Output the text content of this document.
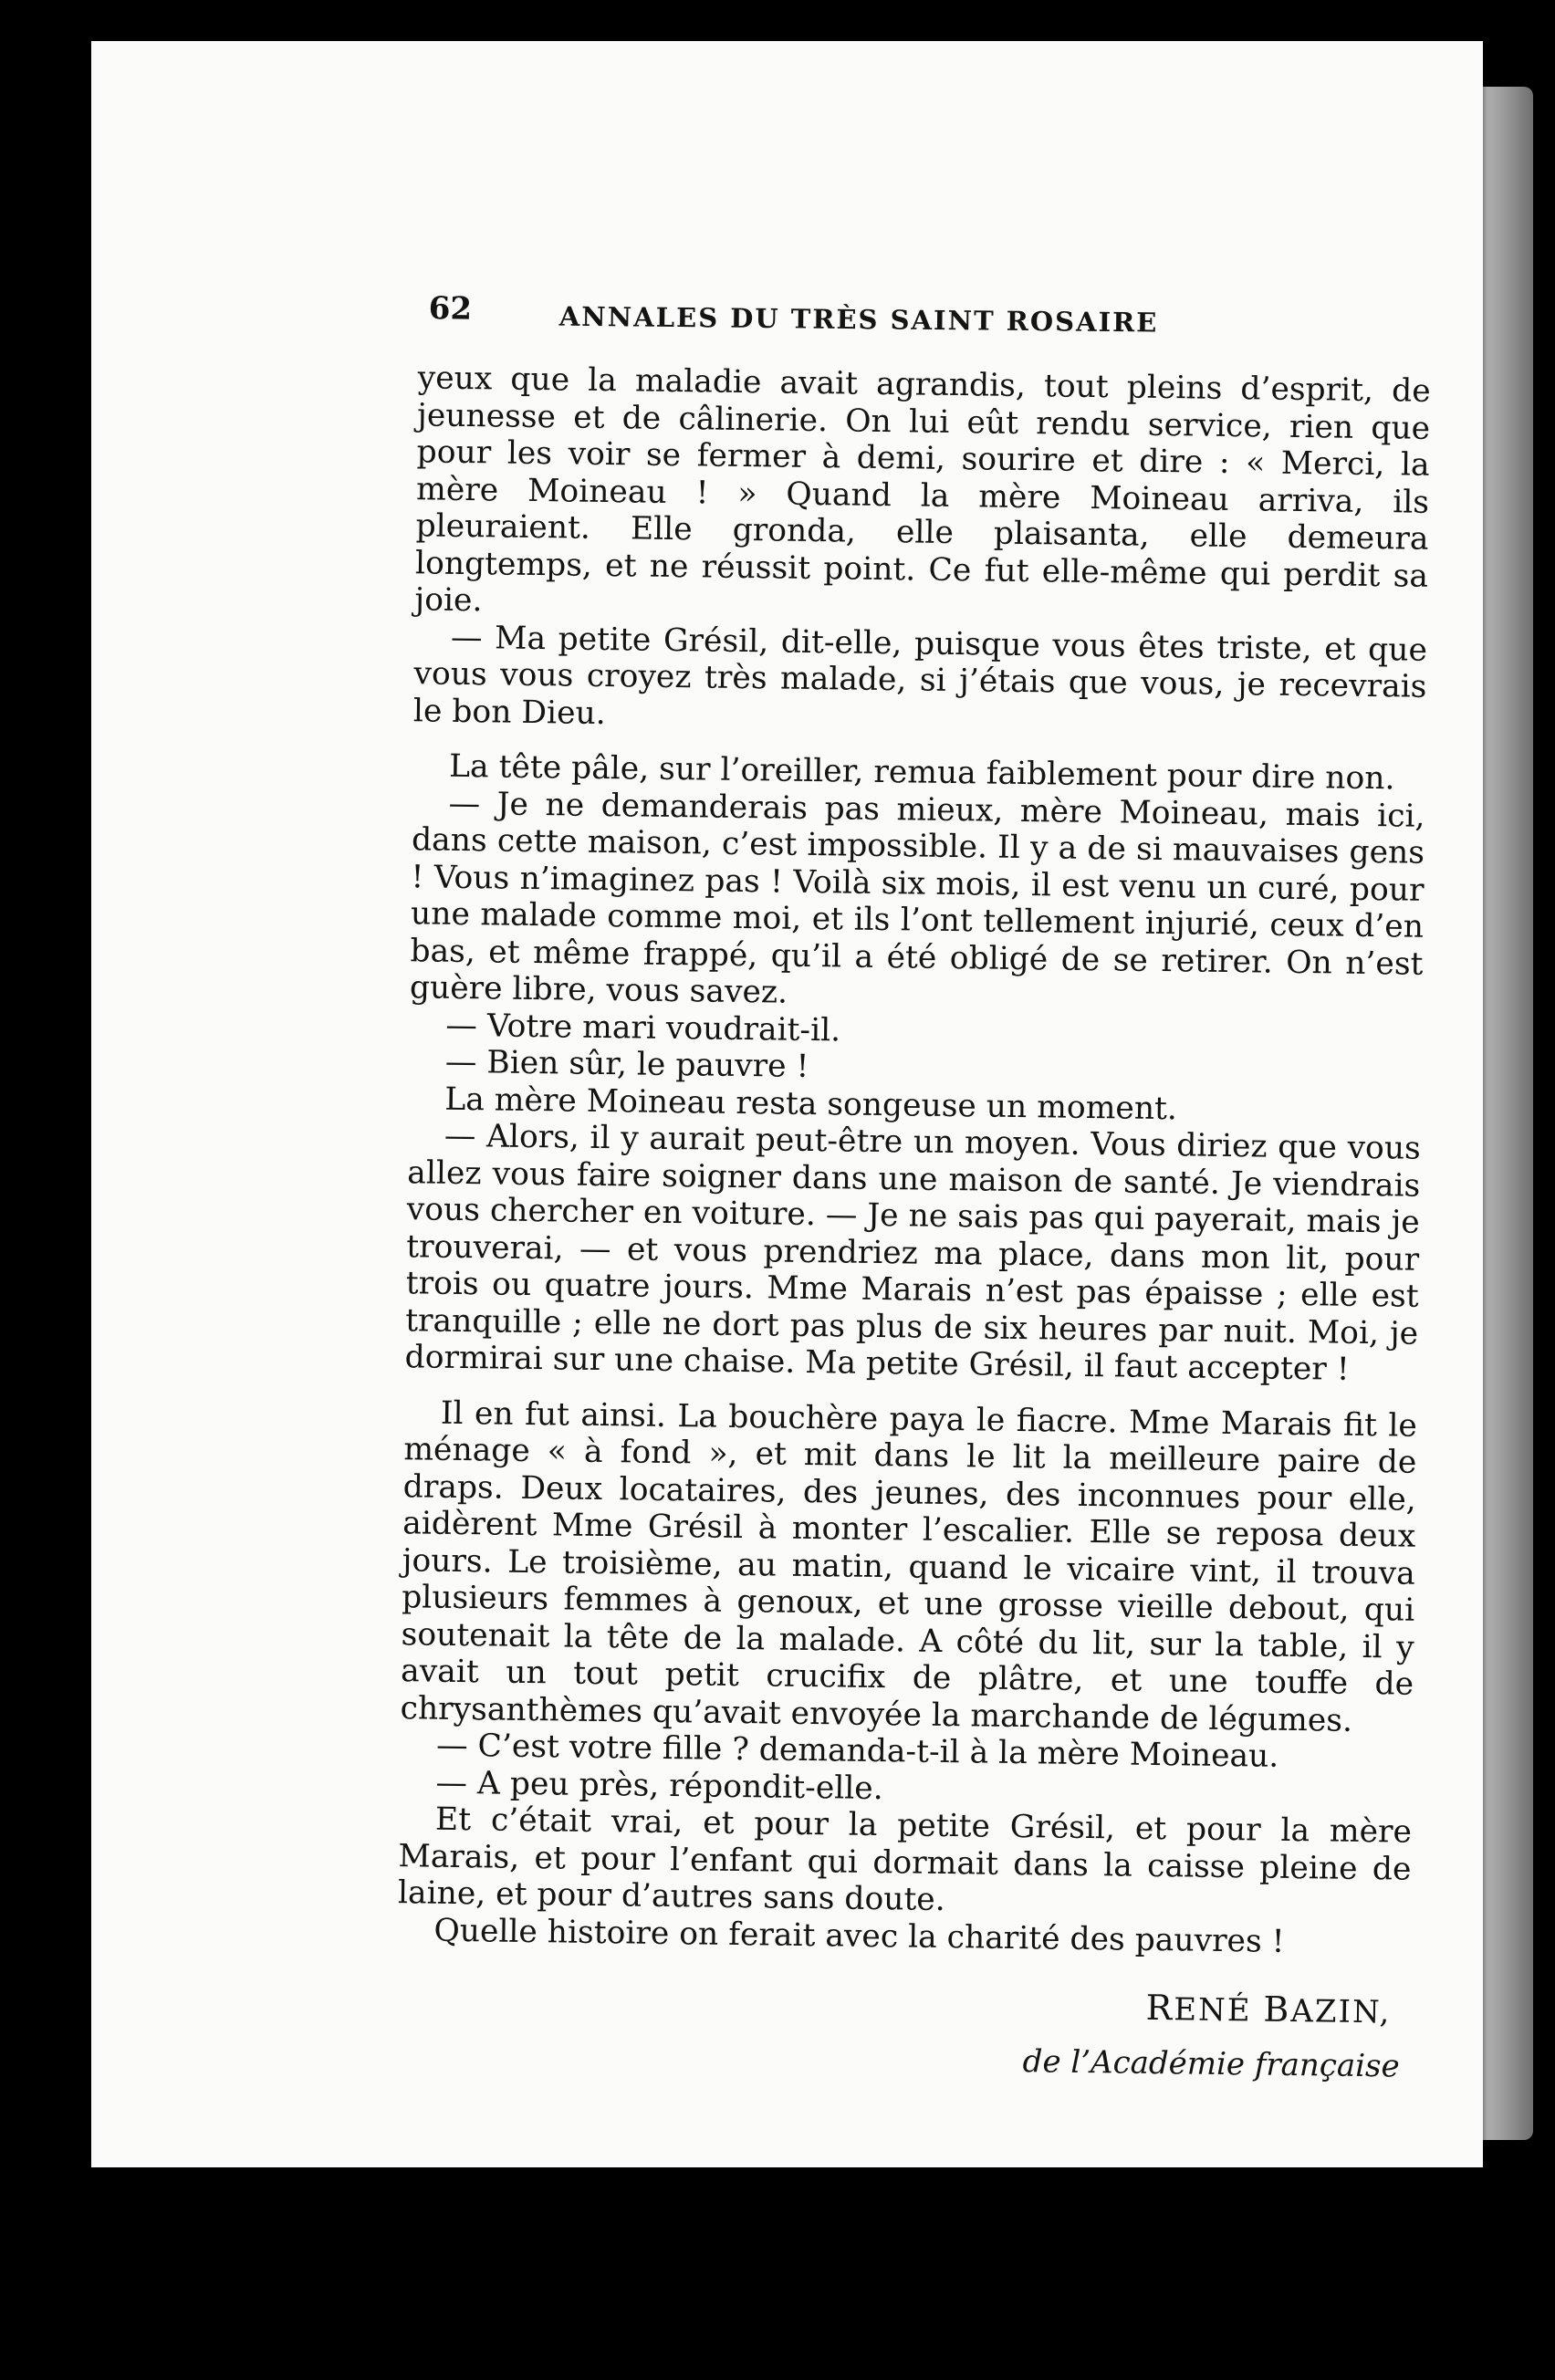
62	ANNALES DU TRÈS SAINT ROSAIRE

yeux que la maladie avait agrandis, tout pleins d’esprit, de jeunesse et de câlinerie. On lui eût rendu service, rien que pour les voir se fermer à demi, sourire et dire : « Merci, la mère Moineau ! » Quand la mère Moineau arriva, ils pleuraient. Elle gronda, elle plaisanta, elle demeura longtemps, et ne réussit point. Ce fut elle-même qui perdit sa joie.

— Ma petite Grésil, dit-elle, puisque vous êtes triste, et que vous vous croyez très malade, si j’étais que vous, je recevrais le bon Dieu.

La tête pâle, sur l’oreiller, remua faiblement pour dire non.

— Je ne demanderais pas mieux, mère Moineau, mais ici, dans cette maison, c’est impossible. Il y a de si mauvaises gens ! Vous n’imaginez pas ! Voilà six mois, il est venu un curé, pour une malade comme moi, et ils l’ont tellement injurié, ceux d’en bas, et même frappé, qu’il a été obligé de se retirer. On n’est guère libre, vous savez.

— Votre mari voudrait-il.

— Bien sûr, le pauvre !

La mère Moineau resta songeuse un moment.

— Alors, il y aurait peut-être un moyen. Vous diriez que vous allez vous faire soigner dans une maison de santé. Je viendrais vous chercher en voiture. — Je ne sais pas qui payerait, mais je trouverai, — et vous prendriez ma place, dans mon lit, pour trois ou quatre jours. Mme Marais n’est pas épaisse ; elle est tranquille ; elle ne dort pas plus de six heures par nuit. Moi, je dormirai sur une chaise. Ma petite Grésil, il faut accepter !

Il en fut ainsi. La bouchère paya le fiacre. Mme Marais fit le ménage « à fond », et mit dans le lit la meilleure paire de draps. Deux locataires, des jeunes, des inconnues pour elle, aidèrent Mme Grésil à monter l’escalier. Elle se reposa deux jours. Le troisième, au matin, quand le vicaire vint, il trouva plusieurs femmes à genoux, et une grosse vieille debout, qui soutenait la tête de la malade. A côté du lit, sur la table, il y avait un tout petit crucifix de plâtre, et une touffe de chrysanthèmes qu’avait envoyée la marchande de légumes.

— C’est votre fille ? demanda-t-il à la mère Moineau.

— A peu près, répondit-elle.

Et c’était vrai, et pour la petite Grésil, et pour la mère Marais, et pour l’enfant qui dormait dans la caisse pleine de laine, et pour d’autres sans doute.

Quelle histoire on ferait avec la charité des pauvres !

RENÉ BAZIN,
de l’Académie française
